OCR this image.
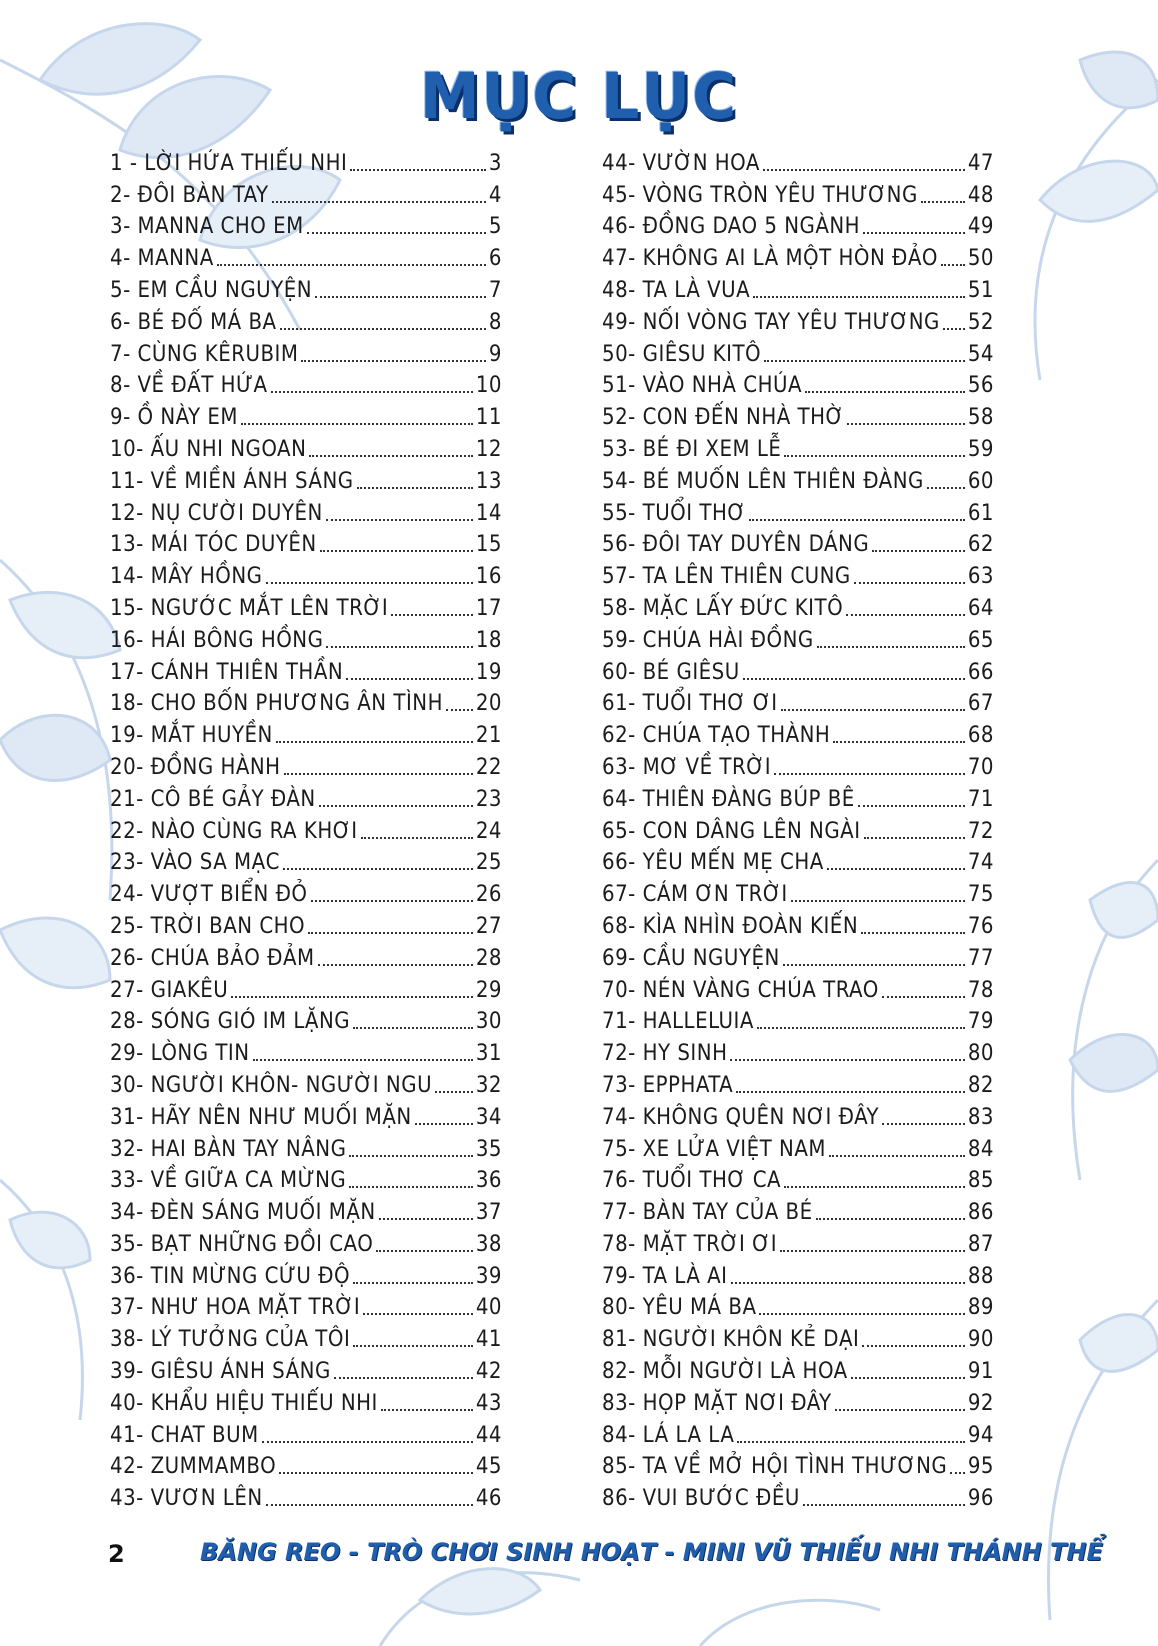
MỤC LỤC
1 - LỜI HỨA THIẾU NHI	3
2- ĐÔI BÀN TAY	4
3- MANNA CHO EM	5
4- MANNA	6
5- EM CẦU NGUYỆN	7
6- BÉ ĐỐ MÁ BA	8
7- CÙNG KÊRUBIM	9
8- VỀ ĐẤT HỨA	10
9- Ồ NÀY EM	11
10- ẤU NHI NGOAN	12
11- VỀ MIỀN ÁNH SÁNG	13
12- NỤ CƯỜI DUYÊN	14
13- MÁI TÓC DUYÊN	15
14- MÂY HỒNG	16
15- NGƯỚC MẮT LÊN TRỜI	17
16- HÁI BÔNG HỒNG	18
17- CÁNH THIÊN THẦN	19
18- CHO BỐN PHƯƠNG ÂN TÌNH 20
19- MẮT HUYỀN	21
20- ĐỒNG HÀNH	22
21- CÔ BÉ GẢY ĐÀN	23
22- NÀO CÙNG RA KHƠI	24
23- VÀO SA MẠC	25
24- VƯỢT BIỂN ĐỎ	26
25- TRỜI BAN CHO	27
26- CHÚA BẢO ĐẢM	28
27- GIAKÊU	29
28- SÓNG GIÓ IM LẶNG	30
29- LÒNG TIN	31
30- NGƯỜI KHÔN- NGƯỜI NGU 32
31- HÃY NÊN NHƯ MUỐI MẶN	34
32- HAI BÀN TAY NÂNG	35
33- VỀ GIỮA CA MỪNG	36
34- ĐÈN SÁNG MUỐI MẶN	37
35- BẠT NHỮNG ĐỒI CAO	38
36- TIN MỪNG CỨU ĐỘ	39
37- NHƯ HOA MẶT TRỜI	40
38- LÝ TƯỞNG CỦA TÔI	41
39- GIÊSU ÁNH SÁNG	42
40- KHẨU HIỆU THIẾU NHI	43
41- CHAT BUM	44
42- ZUMMAMBO	45
43- VƯƠN LÊN	46
44- VƯỜN HOA	47
45- VÒNG TRÒN YÊU THƯƠNG 48
46- ĐỒNG DAO 5 NGÀNH	49
47- KHÔNG AI LÀ MỘT HÒN ĐẢO 50
48- TA LÀ VUA	51
49- NỐI VÒNG TAY YÊU THƯƠNG 52
50- GIÊSU KITÔ	54
51- VÀO NHÀ CHÚA	56
52- CON ĐẾN NHÀ THỜ	58
53- BÉ ĐI XEM LỄ	59
54- BÉ MUỐN LÊN THIÊN ĐÀNG 60
55- TUỔI THƠ	61
56- ĐÔI TAY DUYÊN DÁNG	62
57- TA LÊN THIÊN CUNG	63
58- MẶC LẤY ĐỨC KITÔ	64
59- CHÚA HÀI ĐỒNG	65
60- BÉ GIÊSU	66
61- TUỔI THƠ ƠI	67
62- CHÚA TẠO THÀNH	68
63- MƠ VỀ TRỜI	70
64- THIÊN ĐÀNG BÚP BÊ	71
65- CON DÂNG LÊN NGÀI	72
66- YÊU MẾN MẸ CHA	74
67- CÁM ƠN TRỜI	75
68- KÌA NHÌN ĐOÀN KIẾN	76
69- CẦU NGUYỆN	77
70- NÉN VÀNG CHÚA TRAO	78
71- HALLELUIA	79
72- HY SINH	80
73- EPPHATA	82
74- KHÔNG QUÊN NƠI ĐÂY	83
75- XE LỬA VIỆT NAM	84
76- TUỔI THƠ CA	85
77- BÀN TAY CỦA BÉ	86
78- MẶT TRỜI ƠI	87
79- TA LÀ AI	88
80- YÊU MÁ BA	89
81- NGƯỜI KHÔN KẺ DẠI	90
82- MỖI NGƯỜI LÀ HOA	91
83- HỌP MẶT NƠI ĐÂY	92
84- LÁ LA LA	94
85- TA VỀ MỞ HỘI TÌNH THƯƠNG 95
86- VUI BƯỚC ĐỀU	96
2	BĂNG REO - TRÒ CHƠI SINH HOẠT - MINI VŨ THIẾU NHI THÁNH THỂ
